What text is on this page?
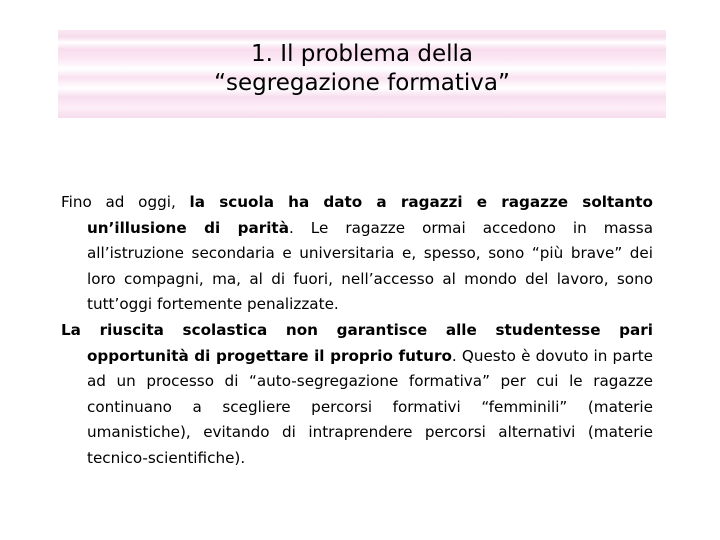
1. Il problema della
“segregazione formativa”

Fino ad oggi, la scuola ha dato a ragazzi e ragazze soltanto un’illusione di parità. Le ragazze ormai accedono in massa all’istruzione secondaria e universitaria e, spesso, sono “più brave” dei loro compagni, ma, al di fuori, nell’accesso al mondo del lavoro, sono tutt’oggi fortemente penalizzate.

La riuscita scolastica non garantisce alle studentesse pari opportunità di progettare il proprio futuro. Questo è dovuto in parte ad un processo di “auto-segregazione formativa” per cui le ragazze continuano a scegliere percorsi formativi “femminili” (materie umanistiche), evitando di intraprendere percorsi alternativi (materie tecnico-scientifiche).
